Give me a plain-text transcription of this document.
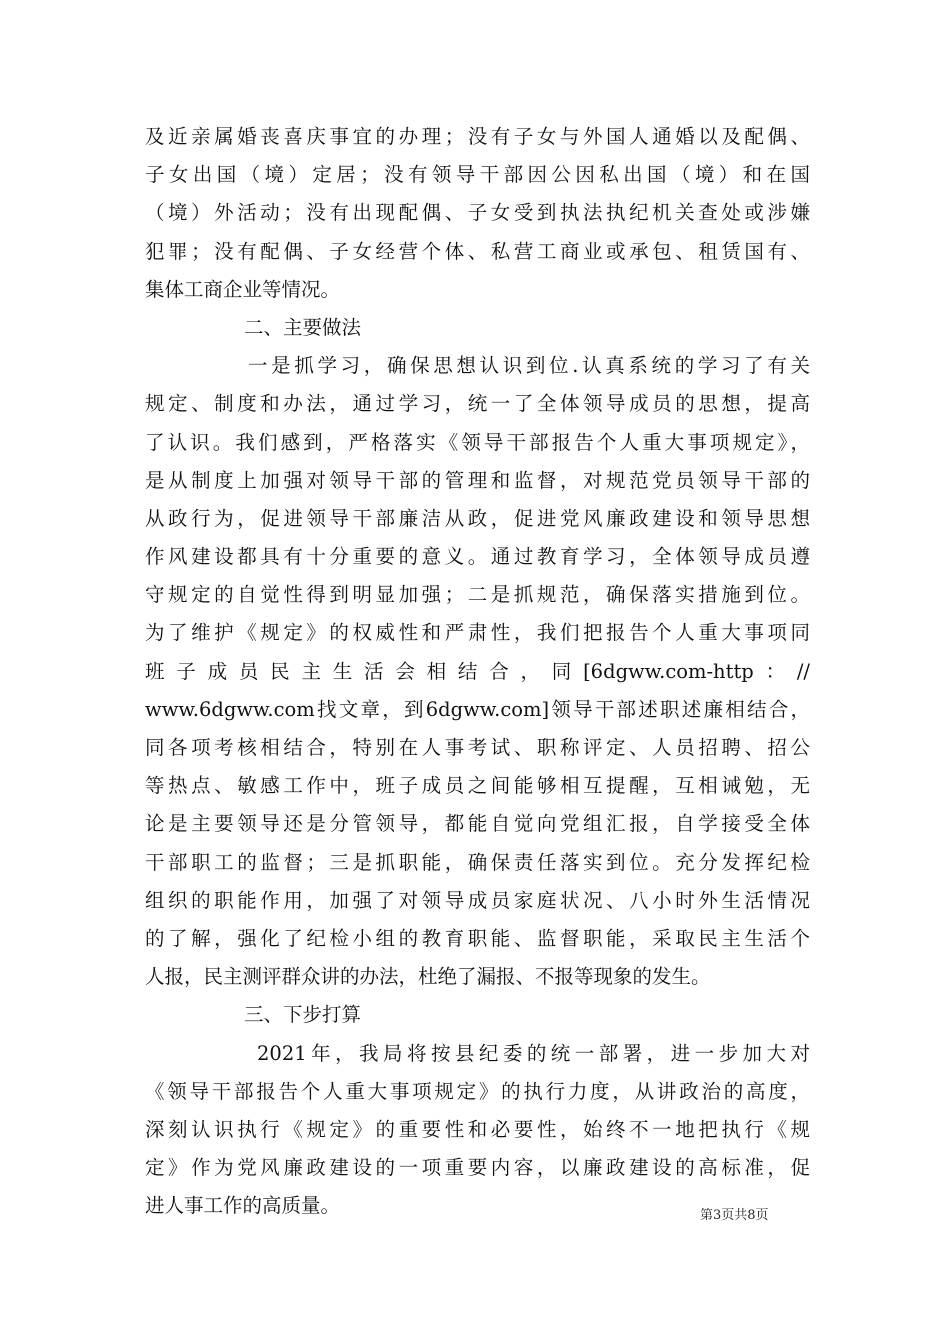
及近亲属婚丧喜庆事宜的办理；没有子女与外国人通婚以及配偶、
子女出国（境）定居；没有领导干部因公因私出国（境）和在国
（境）外活动；没有出现配偶、子女受到执法执纪机关查处或涉嫌
犯罪；没有配偶、子女经营个体、私营工商业或承包、租赁国有、
集体工商企业等情况。
二、主要做法
一是抓学习，确保思想认识到位.认真系统的学习了有关
规定、制度和办法，通过学习，统一了全体领导成员的思想，提高
了认识。我们感到，严格落实《领导干部报告个人重大事项规定》，
是从制度上加强对领导干部的管理和监督，对规范党员领导干部的
从政行为，促进领导干部廉洁从政，促进党风廉政建设和领导思想
作风建设都具有十分重要的意义。通过教育学习，全体领导成员遵
守规定的自觉性得到明显加强；二是抓规范，确保落实措施到位。
为了维护《规定》的权威性和严肃性，我们把报告个人重大事项同
班子成员民主生活会相结合，同[6dgww.com-http：//
www.6dgww.com找文章，到6dgww.com]领导干部述职述廉相结合，
同各项考核相结合，特别在人事考试、职称评定、人员招聘、招公
等热点、敏感工作中，班子成员之间能够相互提醒，互相诫勉，无
论是主要领导还是分管领导，都能自觉向党组汇报，自学接受全体
干部职工的监督；三是抓职能，确保责任落实到位。充分发挥纪检
组织的职能作用，加强了对领导成员家庭状况、八小时外生活情况
的了解，强化了纪检小组的教育职能、监督职能，采取民主生活个
人报，民主测评群众讲的办法，杜绝了漏报、不报等现象的发生。
三、下步打算
2021年，我局将按县纪委的统一部署，进一步加大对
《领导干部报告个人重大事项规定》的执行力度，从讲政治的高度，
深刻认识执行《规定》的重要性和必要性，始终不一地把执行《规
定》作为党风廉政建设的一项重要内容，以廉政建设的高标准，促
进人事工作的高质量。	第3页共8页
